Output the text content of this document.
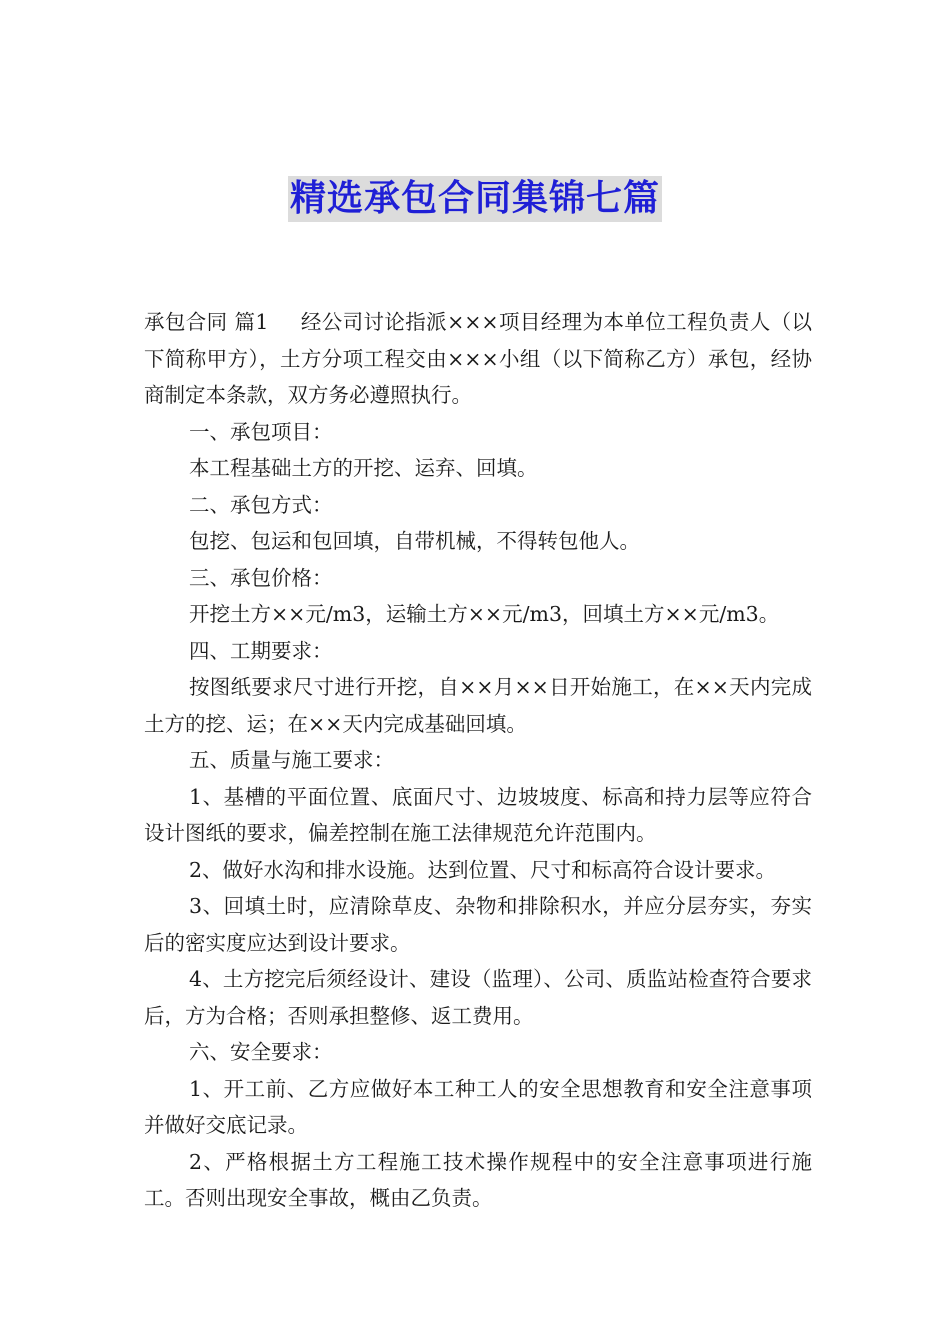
精选承包合同集锦七篇

承包合同 篇1 经公司讨论指派×××项目经理为本单位工程负责人（以下简称甲方），土方分项工程交由×××小组（以下简称乙方）承包，经协商制定本条款，双方务必遵照执行。

一、承包项目：

本工程基础土方的开挖、运弃、回填。

二、承包方式：

包挖、包运和包回填，自带机械，不得转包他人。

三、承包价格：

开挖土方××元/m3，运输土方××元/m3，回填土方××元/m3。

四、工期要求：

按图纸要求尺寸进行开挖，自××月××日开始施工，在××天内完成土方的挖、运；在××天内完成基础回填。

五、质量与施工要求：

1、基槽的平面位置、底面尺寸、边坡坡度、标高和持力层等应符合设计图纸的要求，偏差控制在施工法律规范允许范围内。

2、做好水沟和排水设施。达到位置、尺寸和标高符合设计要求。

3、回填土时，应清除草皮、杂物和排除积水，并应分层夯实，夯实后的密实度应达到设计要求。

4、土方挖完后须经设计、建设（监理）、公司、质监站检查符合要求后，方为合格；否则承担整修、返工费用。

六、安全要求：

1、开工前、乙方应做好本工种工人的安全思想教育和安全注意事项并做好交底记录。

2、严格根据土方工程施工技术操作规程中的安全注意事项进行施工。否则出现安全事故，概由乙负责。
